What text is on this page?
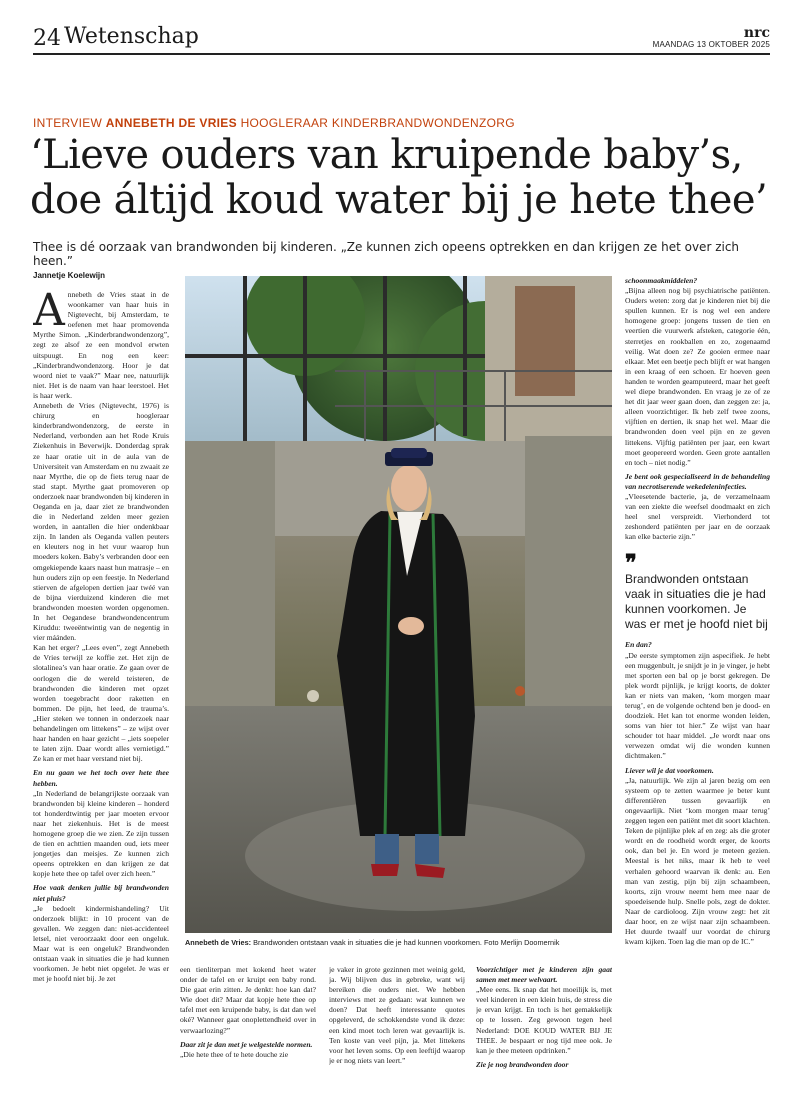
24 Wetenschap	nrc
MAANDAG 13 OKTOBER 2025
INTERVIEW ANNEBETH DE VRIES HOOGLERAAR KINDERBRANDWONDENZORG
‘Lieve ouders van kruipende baby’s,
doe áltijd koud water bij je hete thee’
Thee is dé oorzaak van brandwonden bij kinderen. „Ze kunnen zich opeens optrekken en dan krijgen ze het over zich heen.”
Jannetje Koelewijn

Annebeth de Vries staat in de woonkamer van haar huis in Nigtevecht, bij Amsterdam, te oefenen met haar promovenda Myrthe Simon. „Kinderbrandwondenzorg”, zegt ze alsof ze een mondvol erwten uitspuugt. En nog een keer: „Kinderbrandwondenzorg. Hoor je dat woord niet te vaak?” Maar nee, natuurlijk niet. Het is de naam van haar leerstoel. Het is haar werk.

Annebeth de Vries (Nigtevecht, 1976) is chirurg en hoogleraar kinderbrandwondenzorg, de eerste in Nederland, verbonden aan het Rode Kruis Ziekenhuis in Beverwijk. Donderdag sprak ze haar oratie uit in de aula van de Universiteit van Amsterdam en nu zwaait ze naar Myrthe, die op de fiets terug naar de stad stapt. Myrthe gaat promoveren op onderzoek naar brandwonden bij kinderen in Oeganda en ja, daar ziet ze brandwonden die in Nederland zelden meer gezien worden, in aantallen die hier ondenkbaar zijn. In landen als Oeganda vallen peuters en kleuters nog in het vuur waarop hun moeders koken. Baby’s verbranden door een omgekiepende kaars naast hun matrasje – en hun ouders zijn op een feestje. In Nederland stierven de afgelopen dertien jaar twéé van de bijna vierduizend kinderen die met brandwonden moesten worden opgenomen. In het Oegandese brandwondencentrum Kiruddu: tweeëntwintig van de negentig in vier máánden.

Kan het erger? „Lees even”, zegt Annebeth de Vries terwijl ze koffie zet. Het zijn de slotalinea’s van haar oratie. Ze gaan over de oorlogen die de wereld teisteren, de brandwonden die kinderen met opzet worden toegebracht door raketten en bommen. De pijn, het leed, de trauma’s. „Hier steken we tonnen in onderzoek naar behandelingen om littekens” – ze wijst over haar handen en haar gezicht – „iets soepeler te laten zijn. Daar wordt alles vernietigd.” Ze kan er met haar verstand niet bij.

En nu gaan we het toch over hete thee hebben.

„In Nederland de belangrijkste oorzaak van brandwonden bij kleine kinderen – honderd tot honderdtwintig per jaar moeten ervoor naar het ziekenhuis. Het is de meest homogene groep die we zien. Ze zijn tussen de tien en achttien maanden oud, iets meer jongetjes dan meisjes. Ze kunnen zich opeens optrekken en dan krijgen ze dat kopje hete thee op tafel over zich heen.”

Hoe vaak denken jullie bij brandwonden niet pluis?

„Je bedoelt kindermishandeling? Uit onderzoek blijkt: in 10 procent van de gevallen. We zeggen dan: niet-accidenteel letsel, niet veroorzaakt door een ongeluk. Maar wat is een ongeluk? Brandwonden ontstaan vaak in situaties die je had kunnen voorkomen. Je hebt niet opgelet. Je was er met je hoofd niet bij. Je zet

Annebeth de Vries: Brandwonden ontstaan vaak in situaties die je had kunnen voorkomen. Foto Merlijn Doomernik

een tienliterpan met kokend heet water onder de tafel en er kruipt een baby rond. Die gaat erin zitten. Je denkt: hoe kan dat? Wie doet dit? Maar dat kopje hete thee op tafel met een kruipende baby, is dat dan wel oké? Wanneer gaat onoplettendheid over in verwaarlozing?”

Daar zit je dan met je welgestelde normen.

„Die hete thee of te hete douche zie

je vaker in grote gezinnen met weinig geld, ja. Wij blijven dus in gebreke, want wij bereiken die ouders niet. We hebben interviews met ze gedaan: wat kunnen we doen? Dat heeft interessante quotes opgeleverd, de schokkendste vond ik deze: een kind moet toch leren wat gevaarlijk is. Ten koste van veel pijn, ja. Met littekens voor het leven soms. Op een leeftijd waarop je er nog niets van leert.”

Voorzichtiger met je kinderen zijn gaat samen met meer welvaart.

„Mee eens. Ik snap dat het moeilijk is, met veel kinderen in een klein huis, de stress die je ervan krijgt. En toch is het gemakkelijk op te lossen. Zeg gewoon tegen heel Nederland: DOE KOUD WATER BIJ JE THEE. Je bespaart er nog tijd mee ook. Je kan je thee meteen opdrinken.”

Zie je nog brandwonden door

schoonmaakmiddelen?

„Bijna alleen nog bij psychiatrische patiënten. Ouders weten: zorg dat je kinderen niet bij die spullen kunnen. Er is nog wel een andere homogene groep: jongens tussen de tien en veertien die vuurwerk afsteken, categorie één, sterretjes en rookballen en zo, zogenaamd veilig. Wat doen ze? Ze gooien ermee naar elkaar. Met een beetje pech blijft er wat hangen in een kraag of een schoen. Er hoeven geen handen te worden geamputeerd, maar het geeft wel diepe brandwonden. En vraag je ze of ze het dit jaar weer gaan doen, dan zeggen ze: ja, alleen voorzichtiger. Ik heb zelf twee zoons, vijftien en dertien, ik snap het wel. Maar die brandwonden doen veel pijn en ze geven littekens. Vijftig patiënten per jaar, een kwart moet geopereerd worden. Geen grote aantallen en toch – niet nodig.”

Je bent ook gespecialiseerd in de behandeling van necrotiserende wekedeleninfecties.

„Vleesetende bacterie, ja, de verzamelnaam van een ziekte die weefsel doodmaakt en zich heel snel verspreidt. Vierhonderd tot zeshonderd patiënten per jaar en de oorzaak kan elke bacterie zijn.”

❞
Brandwonden ontstaan vaak in situaties die je had kunnen voorkomen. Je was er met je hoofd niet bij

En dan?

„De eerste symptomen zijn aspecifiek. Je hebt een muggenbult, je snijdt je in je vinger, je hebt met sporten een bal op je borst gekregen. De plek wordt pijnlijk, je krijgt koorts, de dokter kan er niets van maken, ‘kom morgen maar terug’, en de volgende ochtend ben je dood- en doodziek. Het kan tot enorme wonden leiden, soms van hier tot hier.” Ze wijst van haar schouder tot haar middel. „Je wordt naar ons verwezen omdat wij die wonden kunnen dichtmaken.”

Liever wil je dat voorkomen.

„Ja, natuurlijk. We zijn al jaren bezig om een systeem op te zetten waarmee je beter kunt differentiëren tussen gevaarlijk en ongevaarlijk. Niet ‘kom morgen maar terug’ zeggen tegen een patiënt met dit soort klachten. Teken de pijnlijke plek af en zeg: als die groter wordt en de roodheid wordt erger, de koorts ook, dan bel je. En word je meteen gezien. Meestal is het niks, maar ik heb te veel verhalen gehoord waarvan ik denk: au. Een man van zestig, pijn bij zijn schaambeen, koorts, zijn vrouw neemt hem mee naar de spoedeisende hulp. Snelle pols, zegt de dokter. Naar de cardioloog. Zijn vrouw zegt: het zit daar hoor, en ze wijst naar zijn schaambeen. Het duurde twaalf uur voordat de chirurg kwam kijken. Toen lag die man op de IC.”
